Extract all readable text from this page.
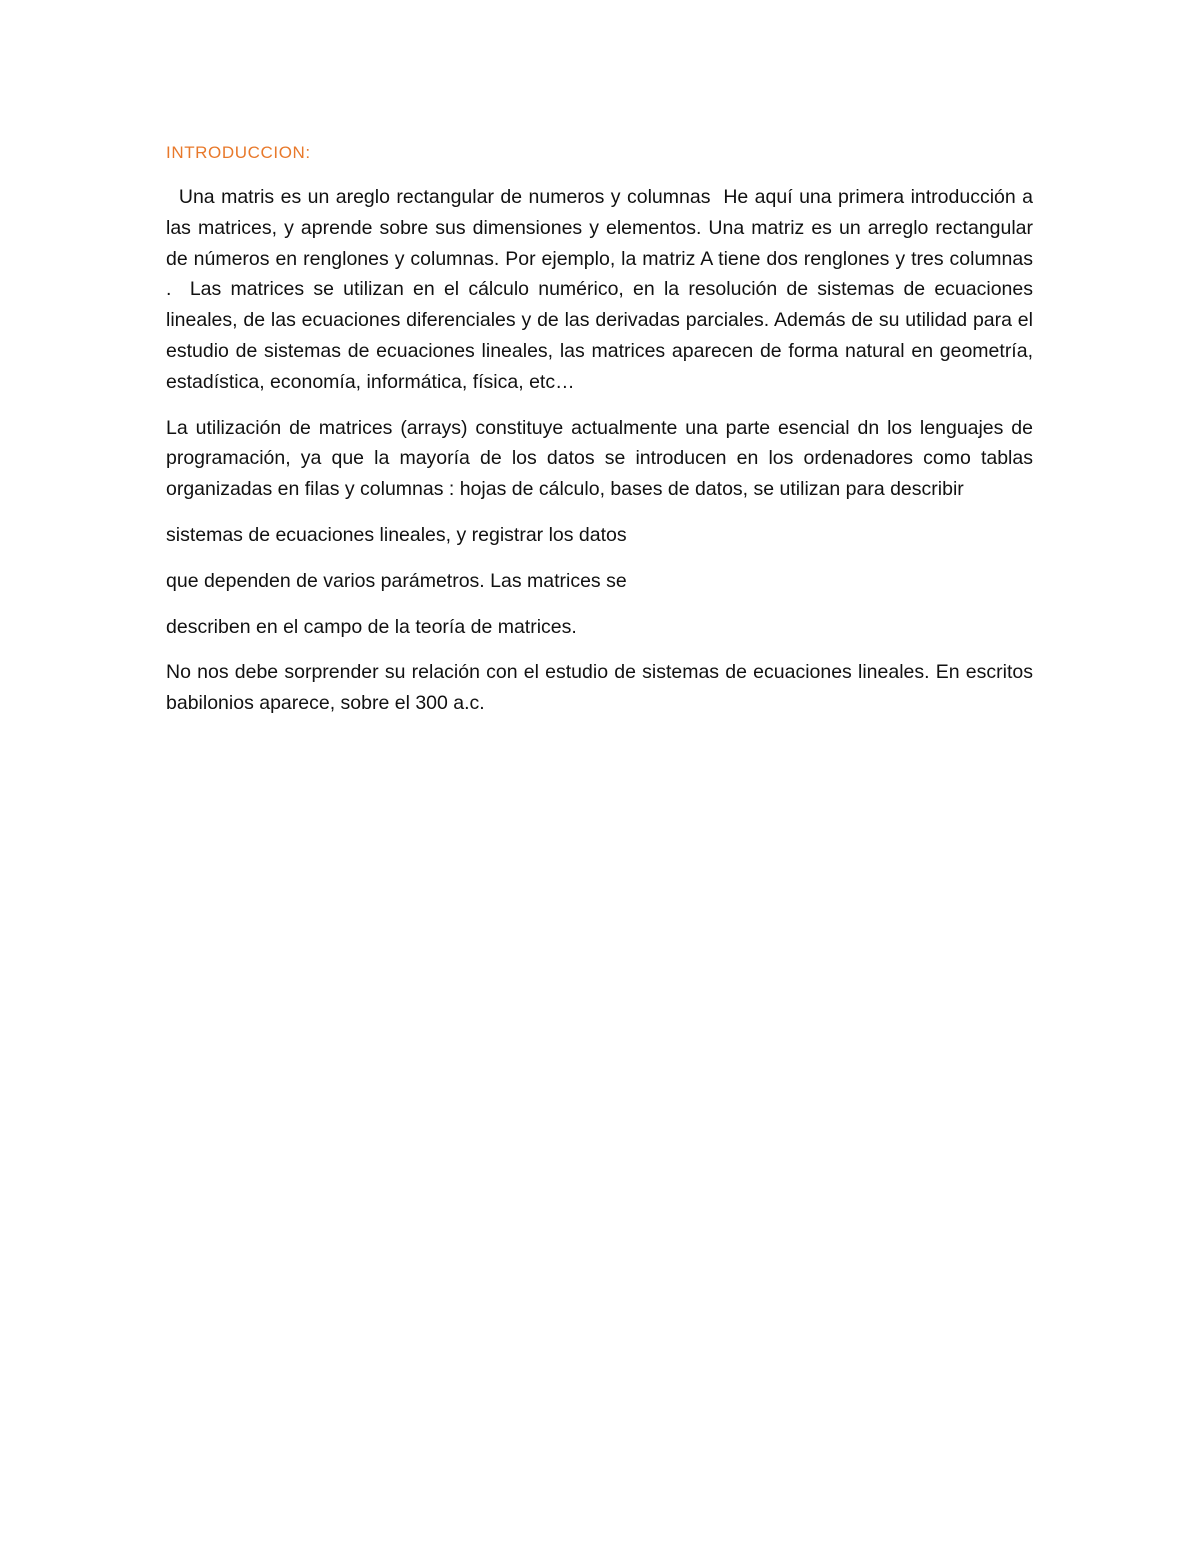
INTRODUCCION:

Una matris es un areglo rectangular de numeros y columnas  He aquí una primera introducción a las matrices, y aprende sobre sus dimensiones y elementos. Una matriz es un arreglo rectangular de números en renglones y columnas. Por ejemplo, la matriz A tiene dos renglones y tres columnas .  Las matrices se utilizan en el cálculo numérico, en la resolución de sistemas de ecuaciones lineales, de las ecuaciones diferenciales y de las derivadas parciales. Además de su utilidad para el estudio de sistemas de ecuaciones lineales, las matrices aparecen de forma natural en geometría, estadística, economía, informática, física, etc…

La utilización de matrices (arrays) constituye actualmente una parte esencial dn los lenguajes de programación, ya que la mayoría de los datos se introducen en los ordenadores como tablas organizadas en filas y columnas : hojas de cálculo, bases de datos, se utilizan para describir

sistemas de ecuaciones lineales, y registrar los datos

que dependen de varios parámetros. Las matrices se

describen en el campo de la teoría de matrices.

No nos debe sorprender su relación con el estudio de sistemas de ecuaciones lineales. En escritos babilonios aparece, sobre el 300 a.c.
